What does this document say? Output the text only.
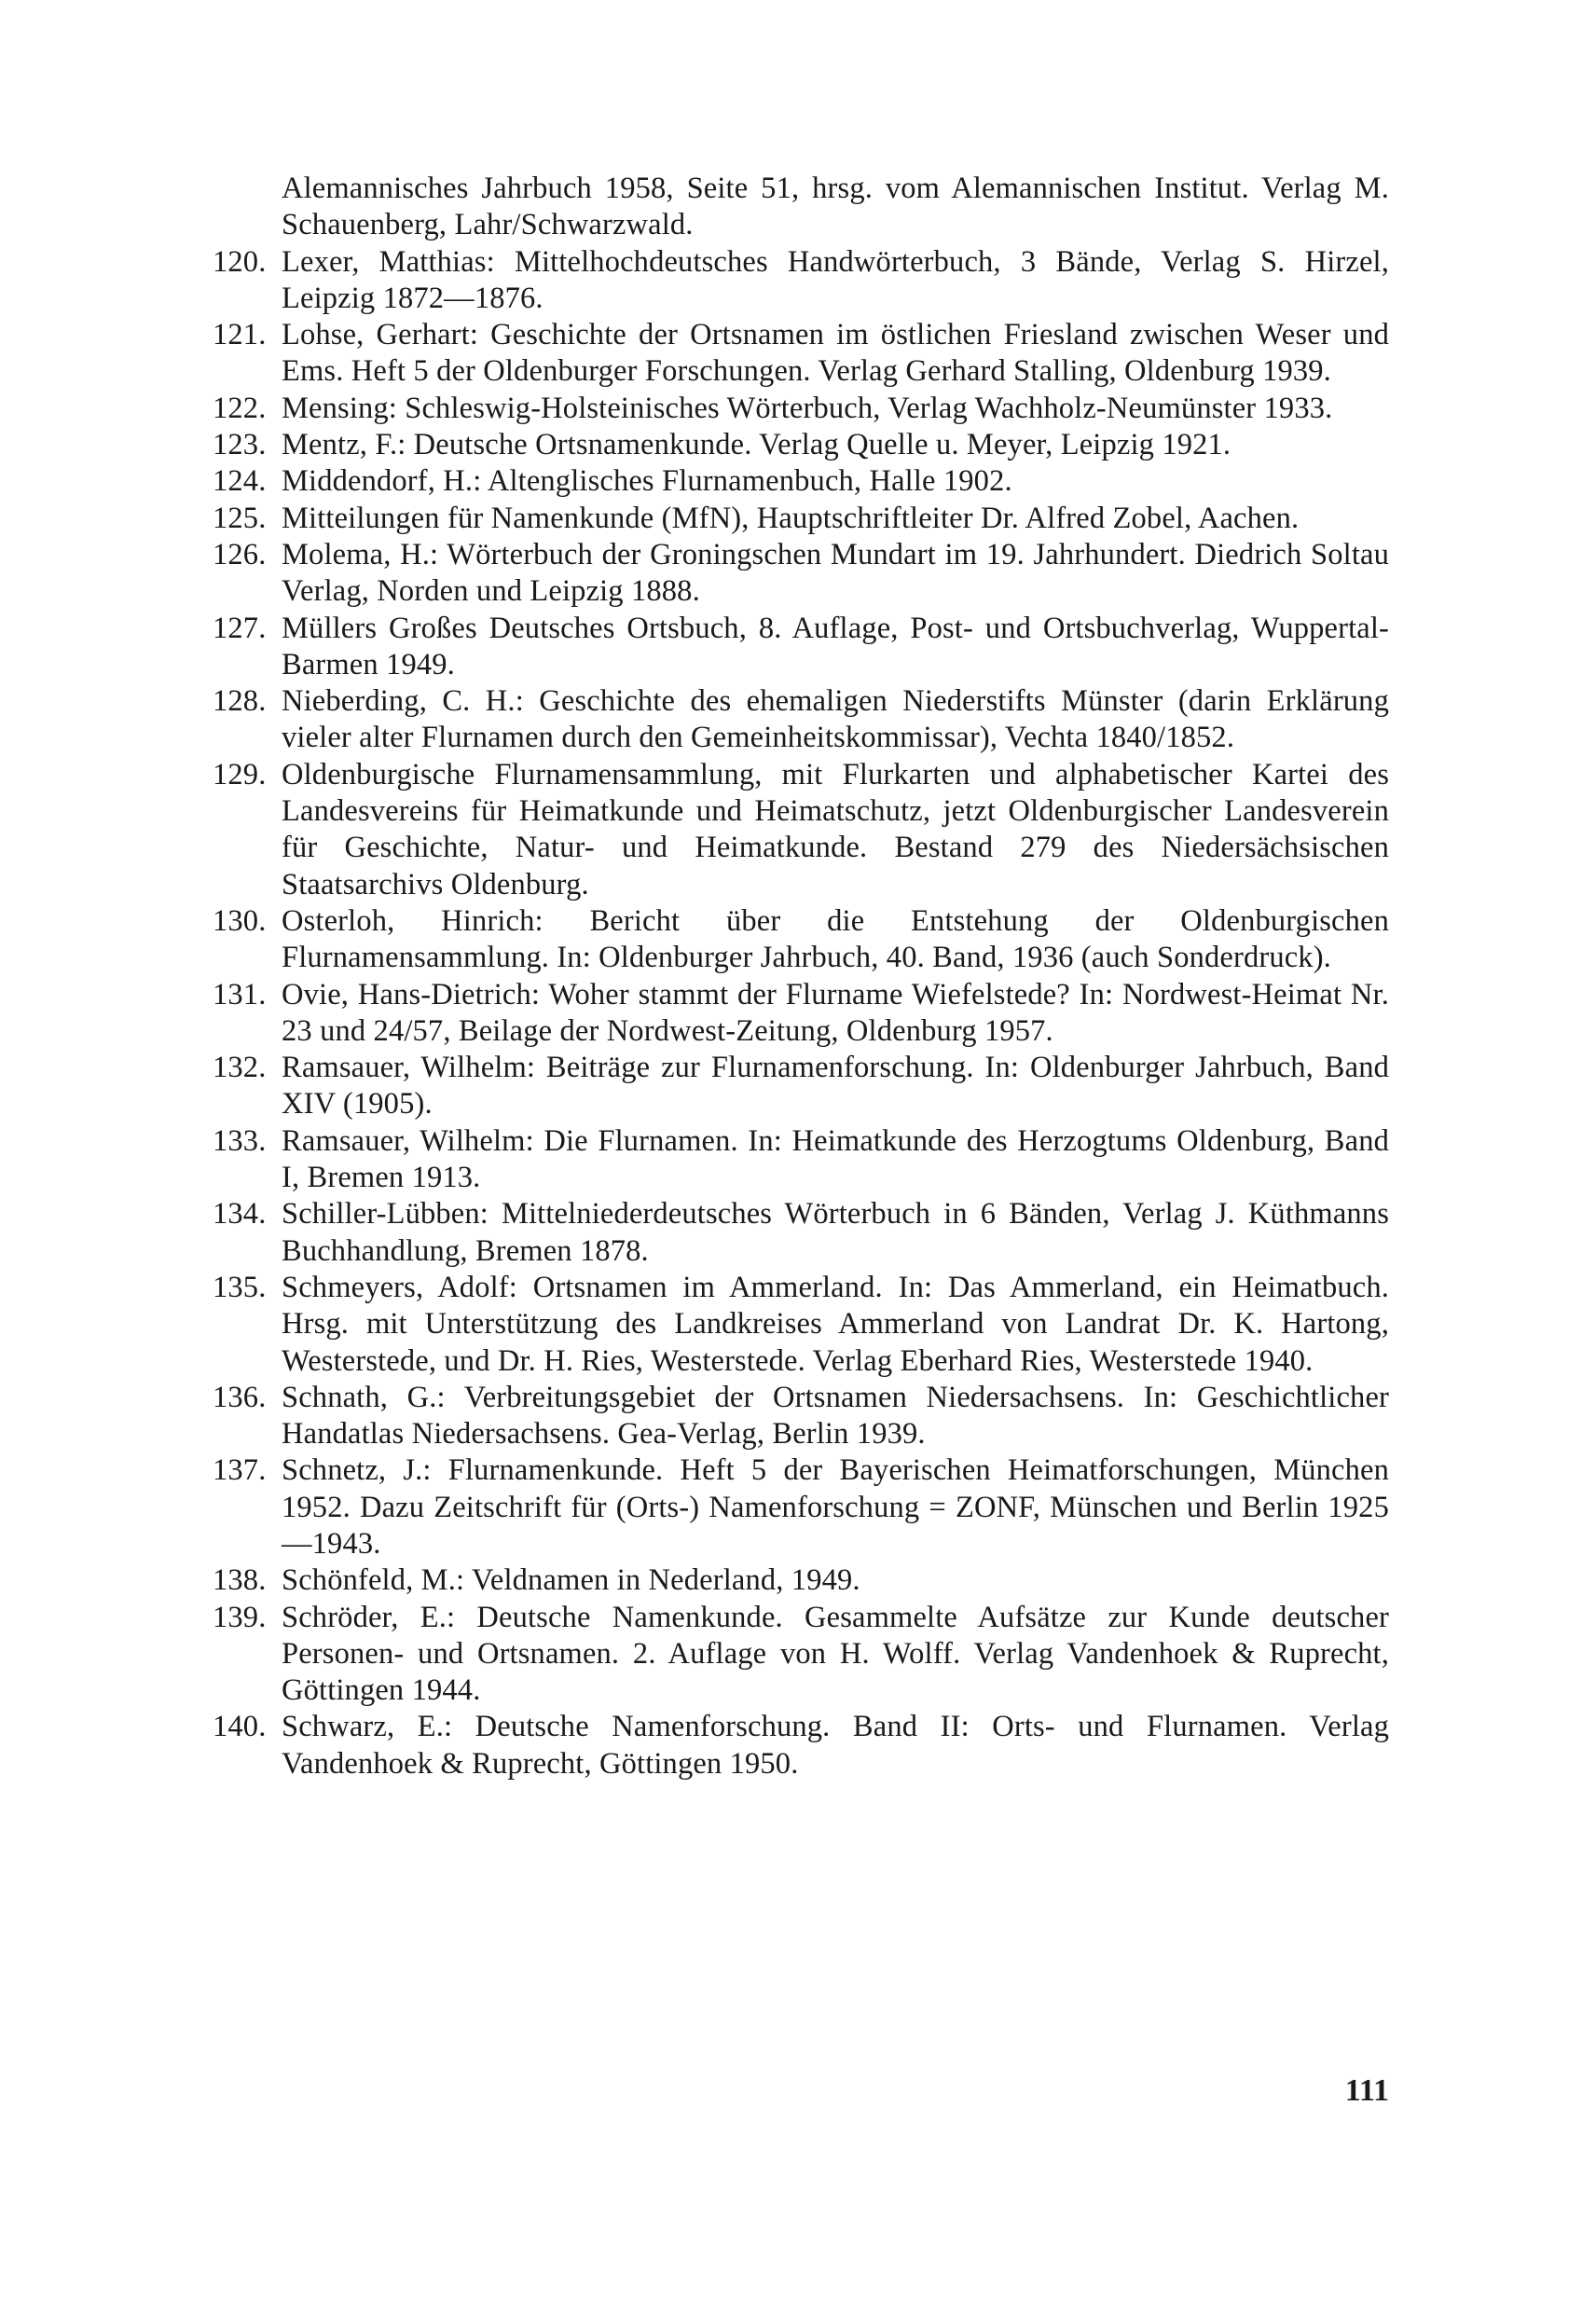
Alemannisches Jahrbuch 1958, Seite 51, hrsg. vom Alemannischen Institut. Verlag M. Schauenberg, Lahr/Schwarzwald.
120. Lexer, Matthias: Mittelhochdeutsches Handwörterbuch, 3 Bände, Verlag S. Hirzel, Leipzig 1872—1876.
121. Lohse, Gerhart: Geschichte der Ortsnamen im östlichen Friesland zwischen Weser und Ems. Heft 5 der Oldenburger Forschungen. Verlag Gerhard Stalling, Oldenburg 1939.
122. Mensing: Schleswig-Holsteinisches Wörterbuch, Verlag Wachholz-Neumünster 1933.
123. Mentz, F.: Deutsche Ortsnamenkunde. Verlag Quelle u. Meyer, Leipzig 1921.
124. Middendorf, H.: Altenglisches Flurnamenbuch, Halle 1902.
125. Mitteilungen für Namenkunde (MfN), Hauptschriftleiter Dr. Alfred Zobel, Aachen.
126. Molema, H.: Wörterbuch der Groningschen Mundart im 19. Jahrhundert. Diedrich Soltau Verlag, Norden und Leipzig 1888.
127. Müllers Großes Deutsches Ortsbuch, 8. Auflage, Post- und Ortsbuchverlag, Wuppertal-Barmen 1949.
128. Nieberding, C. H.: Geschichte des ehemaligen Niederstifts Münster (darin Erklärung vieler alter Flurnamen durch den Gemeinheitskommissar), Vechta 1840/1852.
129. Oldenburgische Flurnamensammlung, mit Flurkarten und alphabetischer Kartei des Landesvereins für Heimatkunde und Heimatschutz, jetzt Oldenburgischer Landesverein für Geschichte, Natur- und Heimatkunde. Bestand 279 des Niedersächsischen Staatsarchivs Oldenburg.
130. Osterloh, Hinrich: Bericht über die Entstehung der Oldenburgischen Flurnamensammlung. In: Oldenburger Jahrbuch, 40. Band, 1936 (auch Sonderdruck).
131. Ovie, Hans-Dietrich: Woher stammt der Flurname Wiefelstede? In: Nordwest-Heimat Nr. 23 und 24/57, Beilage der Nordwest-Zeitung, Oldenburg 1957.
132. Ramsauer, Wilhelm: Beiträge zur Flurnamenforschung. In: Oldenburger Jahrbuch, Band XIV (1905).
133. Ramsauer, Wilhelm: Die Flurnamen. In: Heimatkunde des Herzogtums Oldenburg, Band I, Bremen 1913.
134. Schiller-Lübben: Mittelniederdeutsches Wörterbuch in 6 Bänden, Verlag J. Küthmanns Buchhandlung, Bremen 1878.
135. Schmeyers, Adolf: Ortsnamen im Ammerland. In: Das Ammerland, ein Heimatbuch. Hrsg. mit Unterstützung des Landkreises Ammerland von Landrat Dr. K. Hartong, Westerstede, und Dr. H. Ries, Westerstede. Verlag Eberhard Ries, Westerstede 1940.
136. Schnath, G.: Verbreitungsgebiet der Ortsnamen Niedersachsens. In: Geschichtlicher Handatlas Niedersachsens. Gea-Verlag, Berlin 1939.
137. Schnetz, J.: Flurnamenkunde. Heft 5 der Bayerischen Heimatforschungen, München 1952. Dazu Zeitschrift für (Orts-) Namenforschung = ZONF, Münschen und Berlin 1925—1943.
138. Schönfeld, M.: Veldnamen in Nederland, 1949.
139. Schröder, E.: Deutsche Namenkunde. Gesammelte Aufsätze zur Kunde deutscher Personen- und Ortsnamen. 2. Auflage von H. Wolff. Verlag Vandenhoek & Ruprecht, Göttingen 1944.
140. Schwarz, E.: Deutsche Namenforschung. Band II: Orts- und Flurnamen. Verlag Vandenhoek & Ruprecht, Göttingen 1950.
111
